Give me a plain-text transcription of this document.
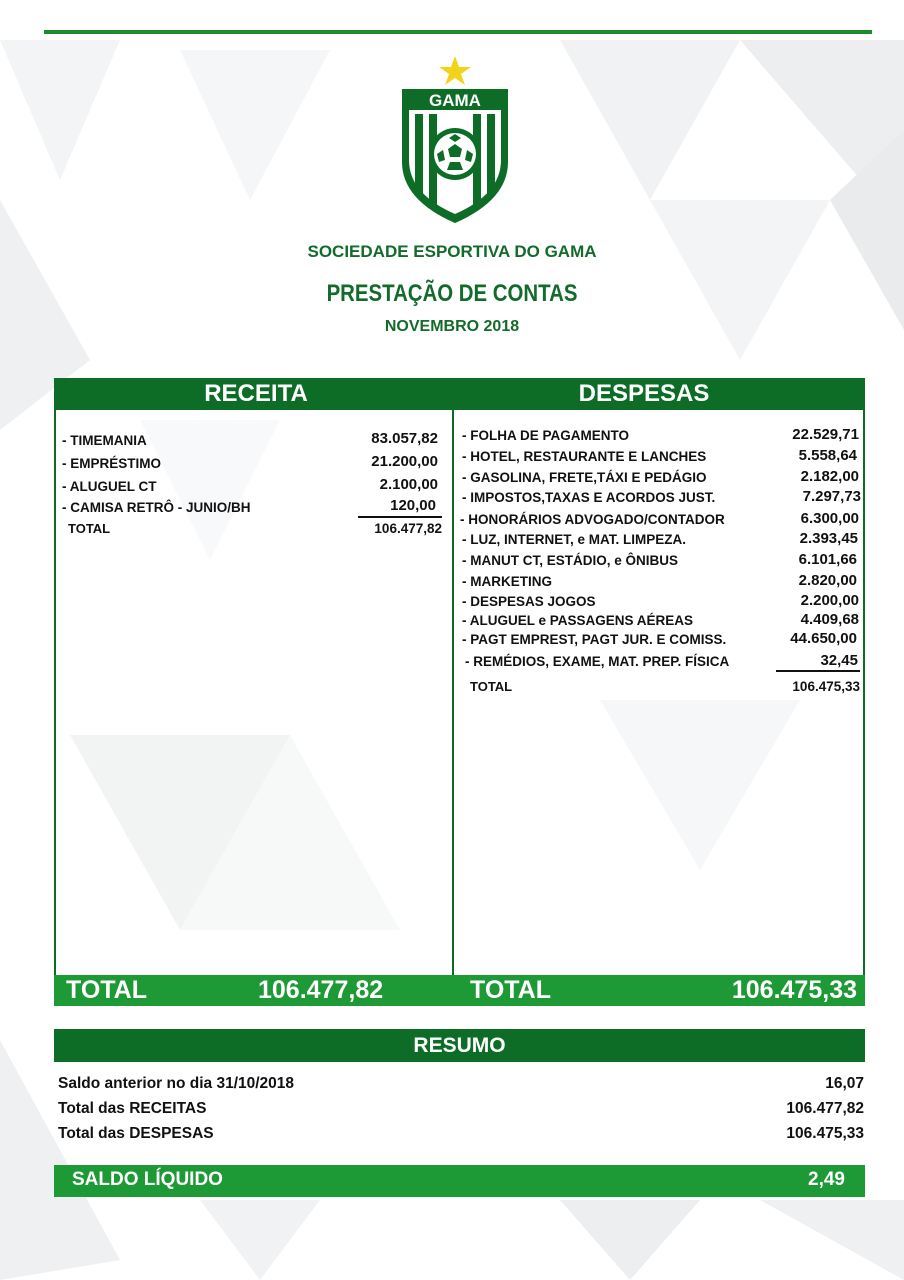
GAMA
SOCIEDADE ESPORTIVA DO GAMA
PRESTAÇÃO DE CONTAS
NOVEMBRO 2018
RECEITA	DESPESAS
- TIMEMANIA	83.057,82
- EMPRÉSTIMO	21.200,00
- ALUGUEL CT	2.100,00
- CAMISA RETRÔ - JUNIO/BH	120,00
TOTAL	106.477,82
- FOLHA DE PAGAMENTO	22.529,71
- HOTEL, RESTAURANTE E LANCHES	5.558,64
- GASOLINA, FRETE,TÁXI E PEDÁGIO	2.182,00
- IMPOSTOS,TAXAS E ACORDOS JUST.	7.297,73
- HONORÁRIOS ADVOGADO/CONTADOR	6.300,00
- LUZ, INTERNET, e MAT. LIMPEZA.	2.393,45
- MANUT CT, ESTÁDIO, e ÔNIBUS	6.101,66
- MARKETING	2.820,00
- DESPESAS JOGOS	2.200,00
- ALUGUEL e PASSAGENS AÉREAS	4.409,68
- PAGT EMPREST, PAGT JUR. E COMISS.	44.650,00
- REMÉDIOS, EXAME, MAT. PREP. FÍSICA	32,45
TOTAL	106.475,33
TOTAL	106.477,82	TOTAL	106.475,33
RESUMO
Saldo anterior no dia 31/10/2018	16,07
Total das RECEITAS	106.477,82
Total das DESPESAS	106.475,33
SALDO LÍQUIDO	2,49
